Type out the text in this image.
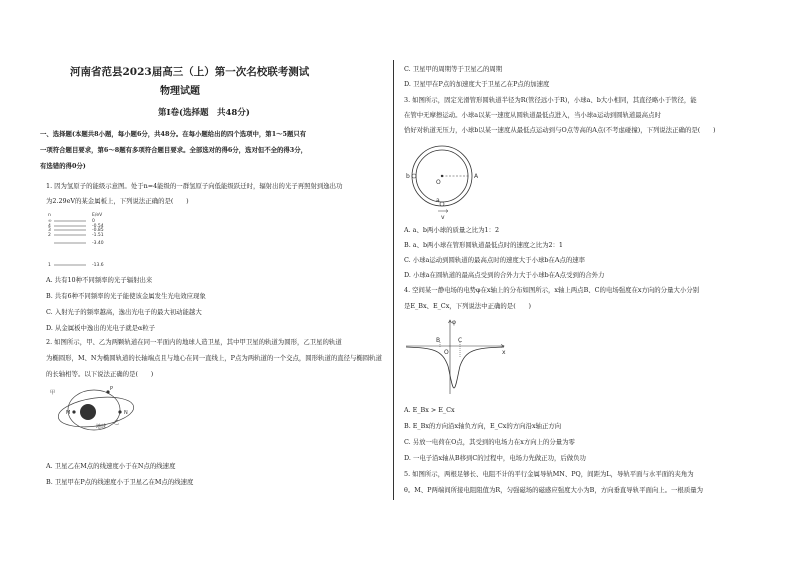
河南省范县2023届高三（上）第一次名校联考测试
物理试题
第Ⅰ卷(选择题　共48分)
一、选择题(本题共8小题，每小题6分，共48分。在每小题给出的四个选项中，第1～5题只有
一项符合题目要求，第6～8题有多项符合题目要求。全部选对的得6分，选对但不全的得3分，
有选错的得0分)
1. 因为氢原子的能级示意图。处于n=4能级的一群氢原子向低能级跃迁时，辐射出的光子再照射到逸出功
为2.29eV的某金属板上，下列说法正确的是(　　)
n	E/eV
∞	0
4	-0.54
3	-0.85
2	-1.51
-3.40
1	-13.6
A. 共有10种不同频率的光子辐射出来
B. 共有6种不同频率的光子能使该金属发生光电效应现象
C. 入射光子的频率越高，逸出光电子的最大初动能越大
D. 从金属板中逸出的光电子就是α粒子
2. 如图所示，甲、乙为两颗轨道在同一平面内的地球人造卫星，其中甲卫星的轨道为圆形，乙卫星的轨道
为椭圆形，M、N为椭圆轨道的长轴端点且与地心在同一直线上，P点为两轨道的一个交点，圆形轨道的直径与椭圆轨道
的长轴相等。以下说法正确的是(　　)
甲
M
P
N
地球
乙
A. 卫星乙在M点的线速度小于在N点的线速度
B. 卫星甲在P点的线速度小于卫星乙在M点的线速度
C. 卫星甲的周期等于卫星乙的周期
D. 卫星甲在P点的加速度大于卫星乙在P点的加速度
3. 如图所示，固定光滑管形圆轨道半径为R(管径远小于R)，小球a、b大小相同，其直径略小于管径，能
在管中无摩擦运动。小球a以某一速度从圆轨道最低点进入，当小球a运动到圆轨道最高点时
恰好对轨道无压力，小球b以某一速度从最低点运动到与O点等高的A点(不考虑碰撞)，下列说法正确的是(　　)
b
O
A
a
v
A. a、b两小球的质量之比为1：2
B. a、b两小球在管形圆轨道最低点时的速度之比为2：1
C. 小球a运动到圆轨道的最高点时的速度大于小球b在A点的速率
D. 小球a在圆轨道的最高点受到的合外力大于小球b在A点受到的合外力
4. 空间某一静电场的电势φ在x轴上的分布如图所示，x轴上两点B、C的电场强度在x方向的分量大小分别
是E_Bx、E_Cx，下列说法中正确的是(　　)
φ
x
B	C
O
A. E_Bx > E_Cx
B. E_Bx的方向沿x轴负方向，E_Cx的方向沿x轴正方向
C. 另放一电荷在O点，其受到的电场力在x方向上的分量为零
D. 一电子沿x轴从B移到C的过程中，电场力先做正功，后做负功
5. 如图所示，两根足够长、电阻不计的平行金属导轨MN、PQ，间距为L，导轨平面与水平面的夹角为
θ。M、P两端间所接电阻阻值为R，匀强磁场的磁感应强度大小为B，方向垂直导轨平面向上。一根质量为
